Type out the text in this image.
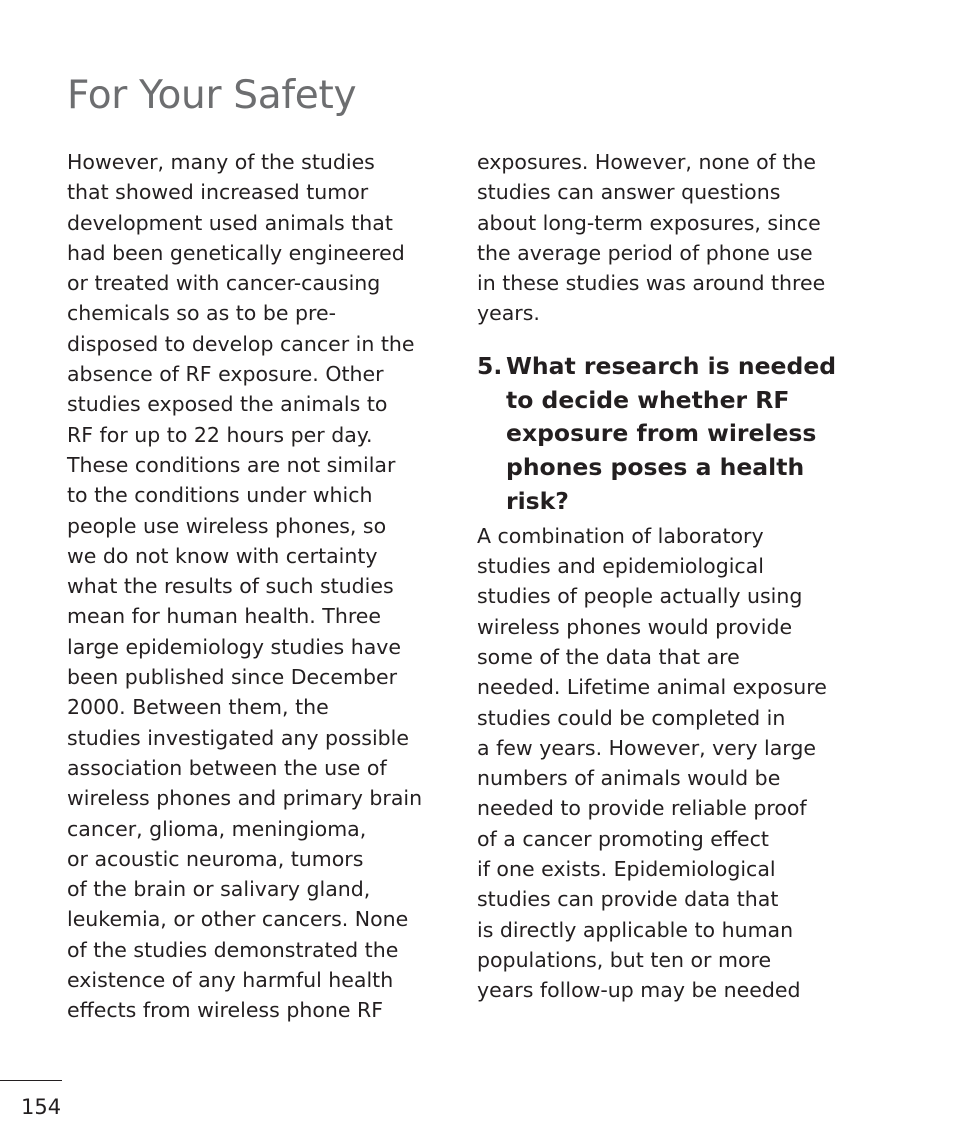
For Your Safety
However, many of the studies
that showed increased tumor
development used animals that
had been genetically engineered
or treated with cancer-causing
chemicals so as to be pre-
disposed to develop cancer in the
absence of RF exposure. Other
studies exposed the animals to
RF for up to 22 hours per day.
These conditions are not similar
to the conditions under which
people use wireless phones, so
we do not know with certainty
what the results of such studies
mean for human health. Three
large epidemiology studies have
been published since December
2000. Between them, the
studies investigated any possible
association between the use of
wireless phones and primary brain
cancer, glioma, meningioma,
or acoustic neuroma, tumors
of the brain or salivary gland,
leukemia, or other cancers. None
of the studies demonstrated the
existence of any harmful health
effects from wireless phone RF
exposures. However, none of the
studies can answer questions
about long-term exposures, since
the average period of phone use
in these studies was around three
years.
5. What research is needed
to decide whether RF
exposure from wireless
phones poses a health
risk?
A combination of laboratory
studies and epidemiological
studies of people actually using
wireless phones would provide
some of the data that are
needed. Lifetime animal exposure
studies could be completed in
a few years. However, very large
numbers of animals would be
needed to provide reliable proof
of a cancer promoting effect
if one exists. Epidemiological
studies can provide data that
is directly applicable to human
populations, but ten or more
years follow-up may be needed
154
